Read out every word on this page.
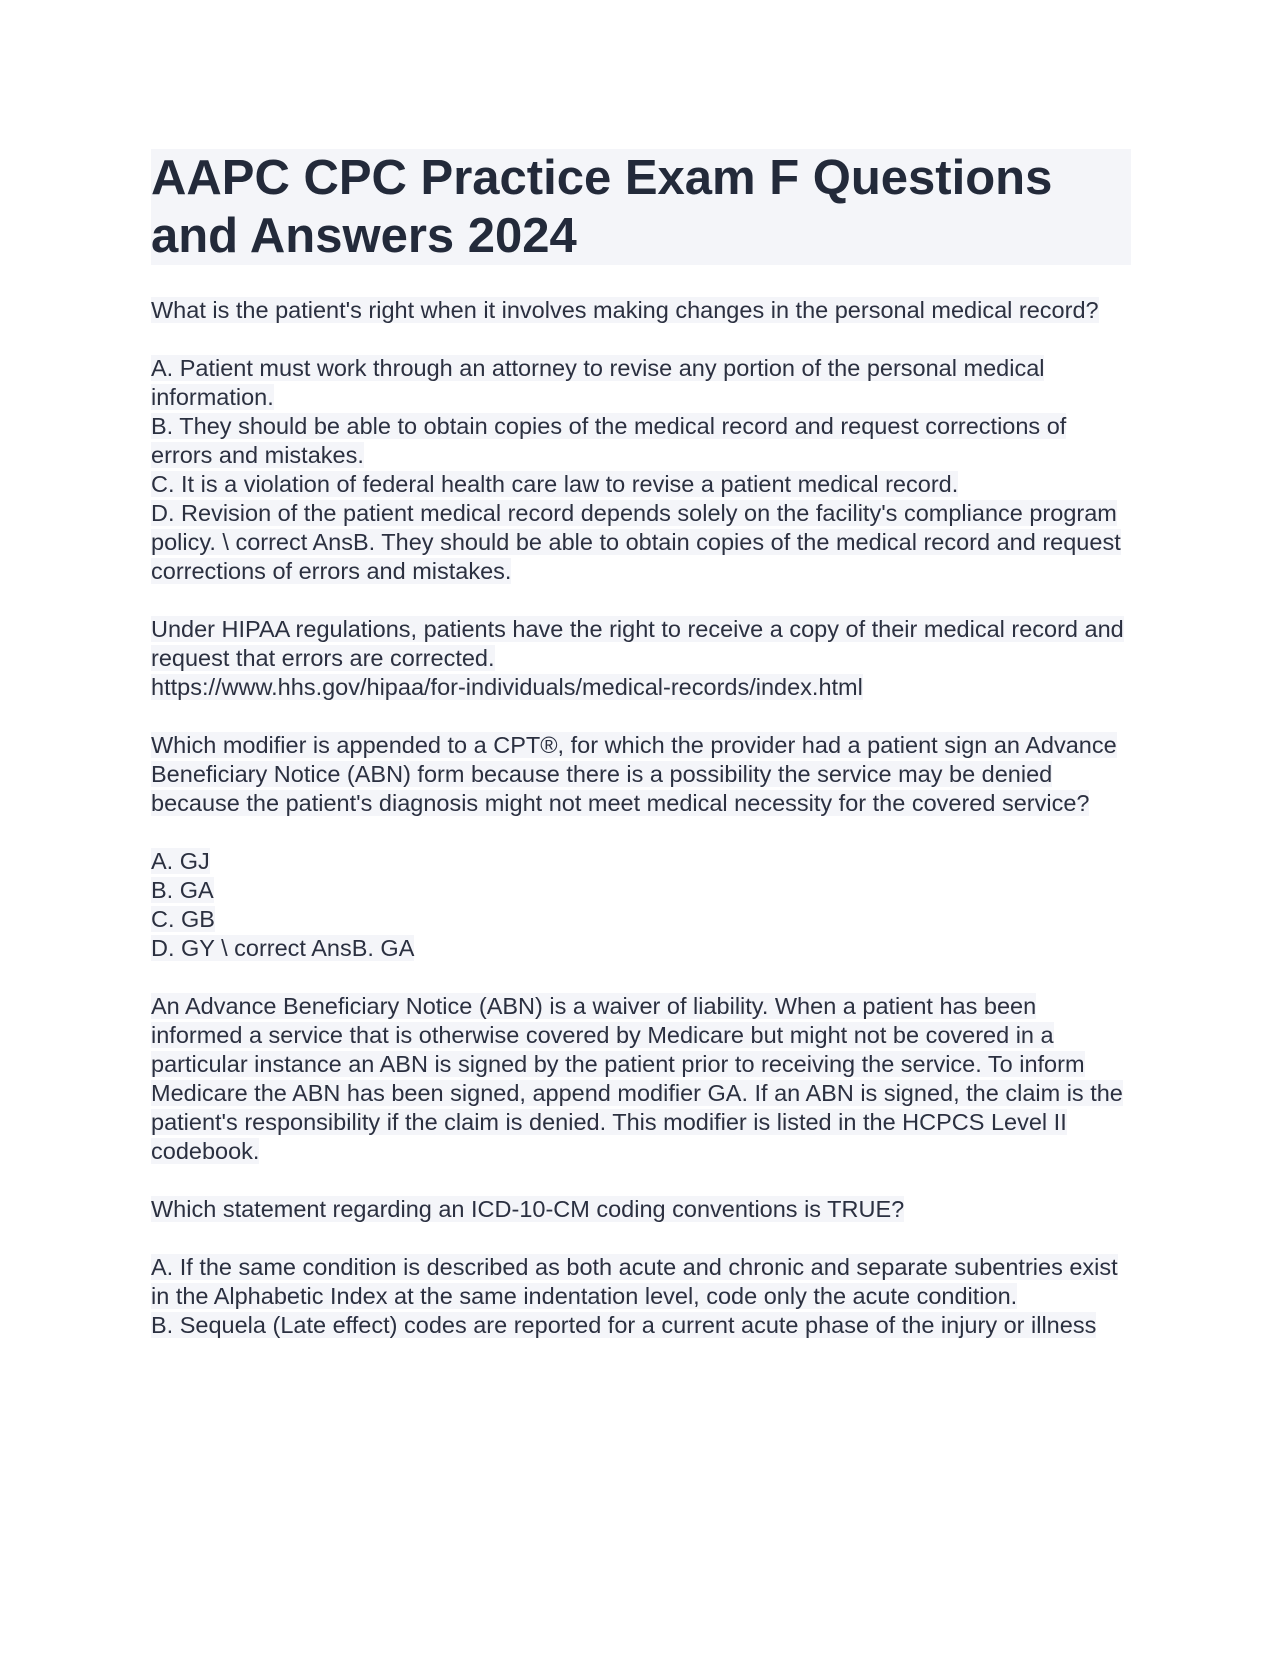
AAPC CPC Practice Exam F Questions and Answers 2024

What is the patient's right when it involves making changes in the personal medical record?

A. Patient must work through an attorney to revise any portion of the personal medical information.
B. They should be able to obtain copies of the medical record and request corrections of errors and mistakes.
C. It is a violation of federal health care law to revise a patient medical record.
D. Revision of the patient medical record depends solely on the facility's compliance program policy. \ correct AnsB. They should be able to obtain copies of the medical record and request corrections of errors and mistakes.

Under HIPAA regulations, patients have the right to receive a copy of their medical record and request that errors are corrected.
https://www.hhs.gov/hipaa/for-individuals/medical-records/index.html

Which modifier is appended to a CPT®, for which the provider had a patient sign an Advance Beneficiary Notice (ABN) form because there is a possibility the service may be denied because the patient's diagnosis might not meet medical necessity for the covered service?

A. GJ
B. GA
C. GB
D. GY \ correct AnsB. GA

An Advance Beneficiary Notice (ABN) is a waiver of liability. When a patient has been informed a service that is otherwise covered by Medicare but might not be covered in a particular instance an ABN is signed by the patient prior to receiving the service. To inform Medicare the ABN has been signed, append modifier GA. If an ABN is signed, the claim is the patient's responsibility if the claim is denied. This modifier is listed in the HCPCS Level II codebook.

Which statement regarding an ICD-10-CM coding conventions is TRUE?

A. If the same condition is described as both acute and chronic and separate subentries exist in the Alphabetic Index at the same indentation level, code only the acute condition.
B. Sequela (Late effect) codes are reported for a current acute phase of the injury or illness
